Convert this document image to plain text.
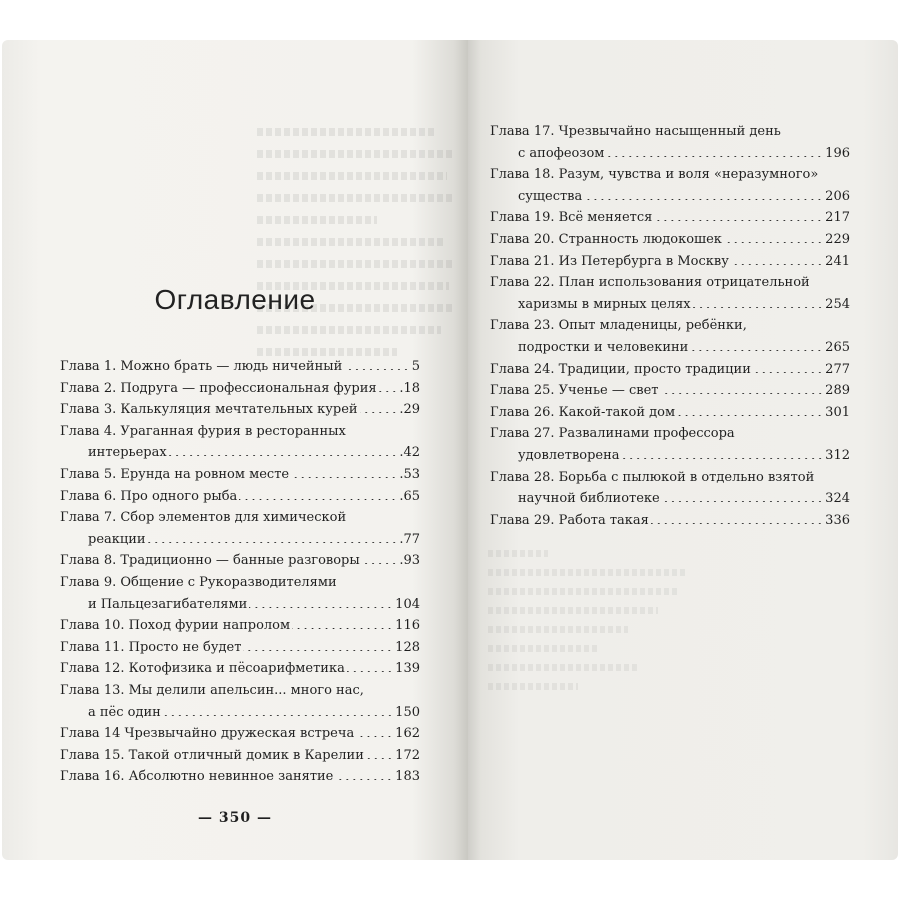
Оглавление
Глава 1. Можно брать — людь ничейный	5
Глава 2. Подруга — профессиональная фурия .18
Глава 3. Калькуляция мечтательных курей	.29
Глава 4. Ураганная фурия в ресторанных
интерьерах	.42
Глава 5. Ерунда на ровном месте	.53
Глава 6. Про одного рыба	.65
Глава 7. Сбор элементов для химической
реакции	.77
Глава 8. Традиционно — банные разговоры	.93
Глава 9. Общение с Рукоразводителями
и Пальцезагибателями	104
Глава 10. Поход фурии напролом	116
Глава 11. Просто не будет	128
Глава 12. Котофизика и пёсоарифметика	139
Глава 13. Мы делили апельсин... много нас,
а пёс один	150
Глава 14 Чрезвычайно дружеская встреча	162
Глава 15. Такой отличный домик в Карелии 172
Глава 16. Абсолютно невинное занятие	183
— 350 —
Глава 17. Чрезвычайно насыщенный день
с апофеозом	196
Глава 18. Разум, чувства и воля «неразумного»
существа	206
Глава 19. Всё меняется	217
Глава 20. Странность людокошек	229
Глава 21. Из Петербурга в Москву	241
Глава 22. План использования отрицательной
харизмы в мирных целях	254
Глава 23. Опыт младеницы, ребёнки,
подростки и человекини	265
Глава 24. Традиции, просто традиции	277
Глава 25. Ученье — свет	289
Глава 26. Какой-такой дом	301
Глава 27. Развалинами профессора
удовлетворена	312
Глава 28. Борьба с пылюкой в отдельно взятой
научной библиотеке	324
Глава 29. Работа такая	336
